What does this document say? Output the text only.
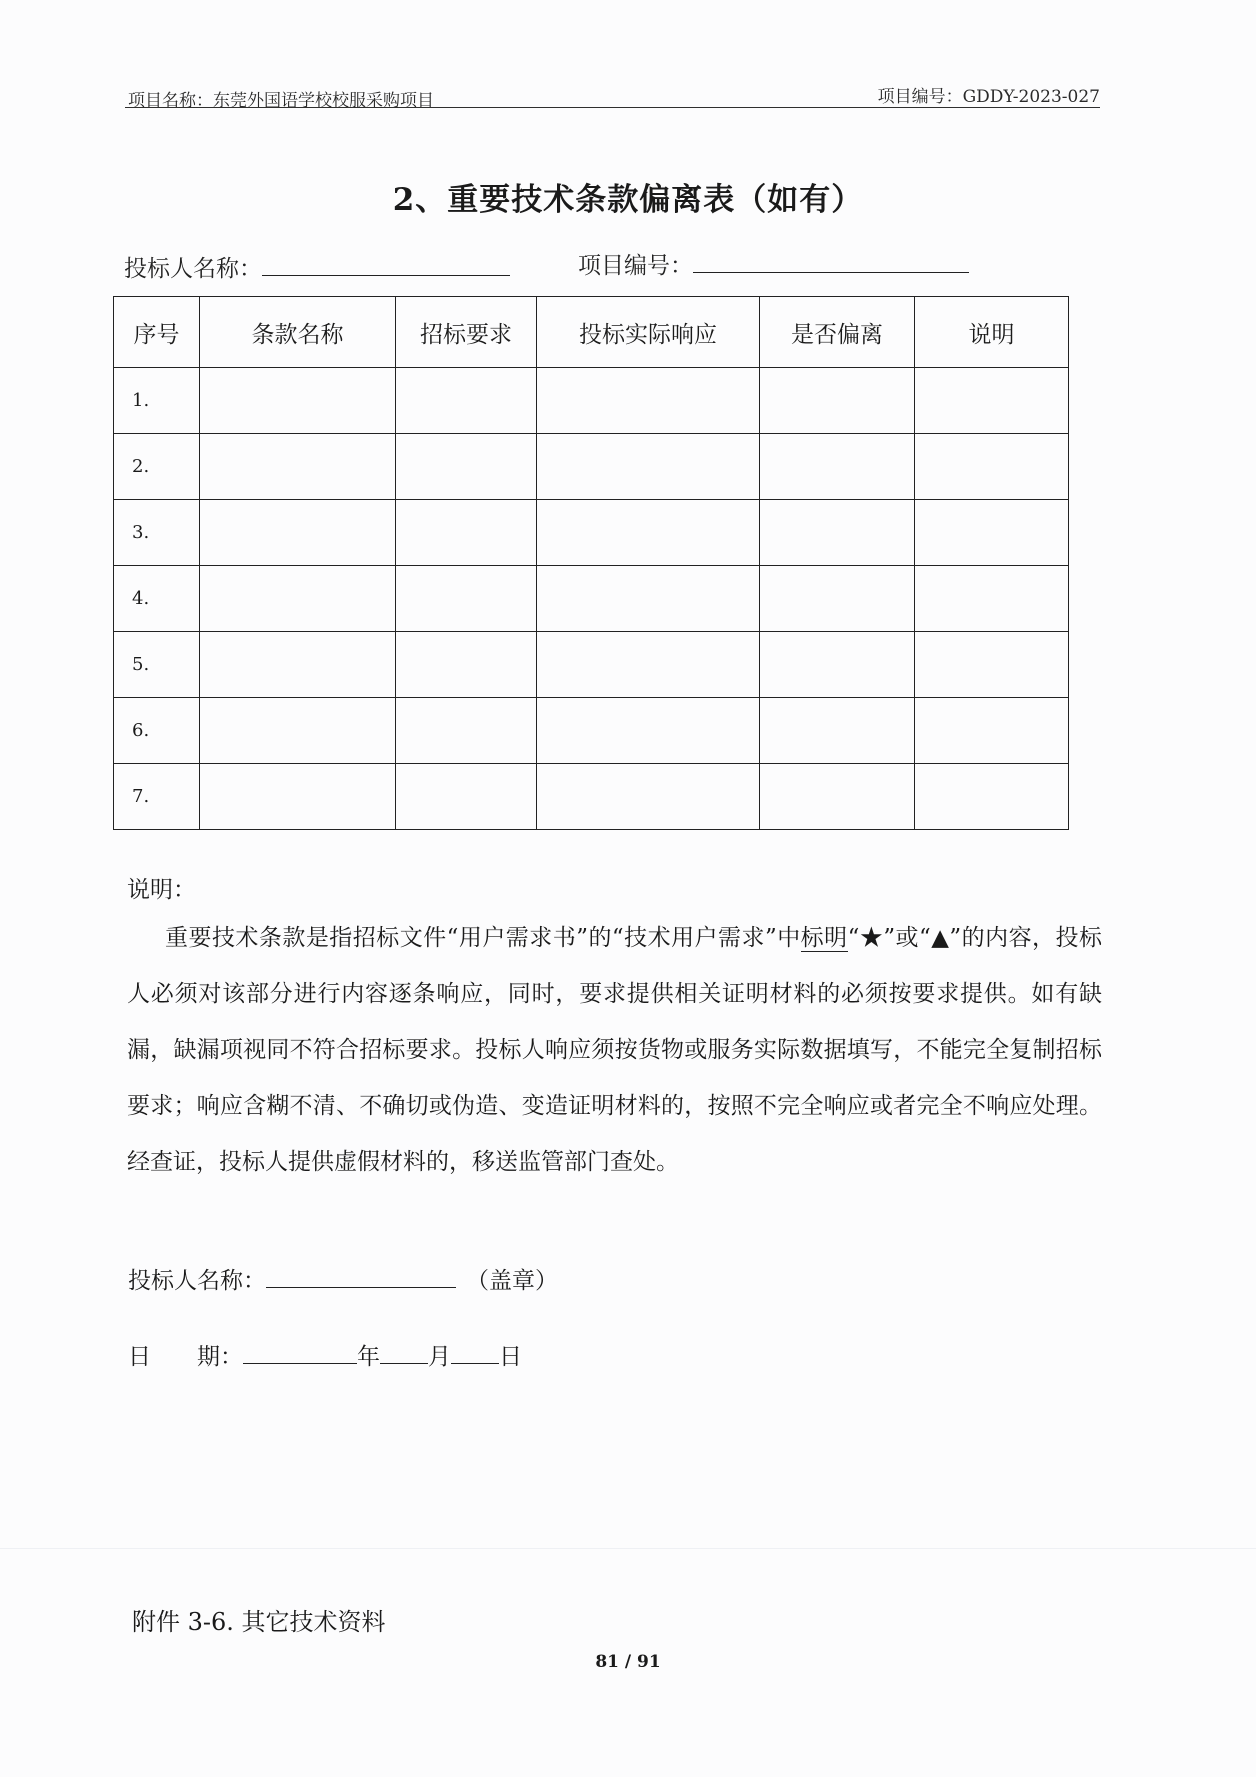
项目名称：东莞外国语学校校服采购项目	项目编号：GDDY-2023-027
2、重要技术条款偏离表（如有）
投标人名称：	项目编号：
序号	条款名称	招标要求	投标实际响应	是否偏离	说明
1.					
2.					
3.					
4.					
5.					
6.					
7.					
说明：
重要技术条款是指招标文件“用户需求书”的“技术用户需求”中标明“★”或“▲”的内容，投标人必须对该部分进行内容逐条响应，同时，要求提供相关证明材料的必须按要求提供。如有缺漏，缺漏项视同不符合招标要求。投标人响应须按货物或服务实际数据填写，不能完全复制招标要求；响应含糊不清、不确切或伪造、变造证明材料的，按照不完全响应或者完全不响应处理。经查证，投标人提供虚假材料的，移送监管部门查处。
投标人名称：	（盖章）
日　　期：	年 月 日
附件 3-6. 其它技术资料
81 / 91
